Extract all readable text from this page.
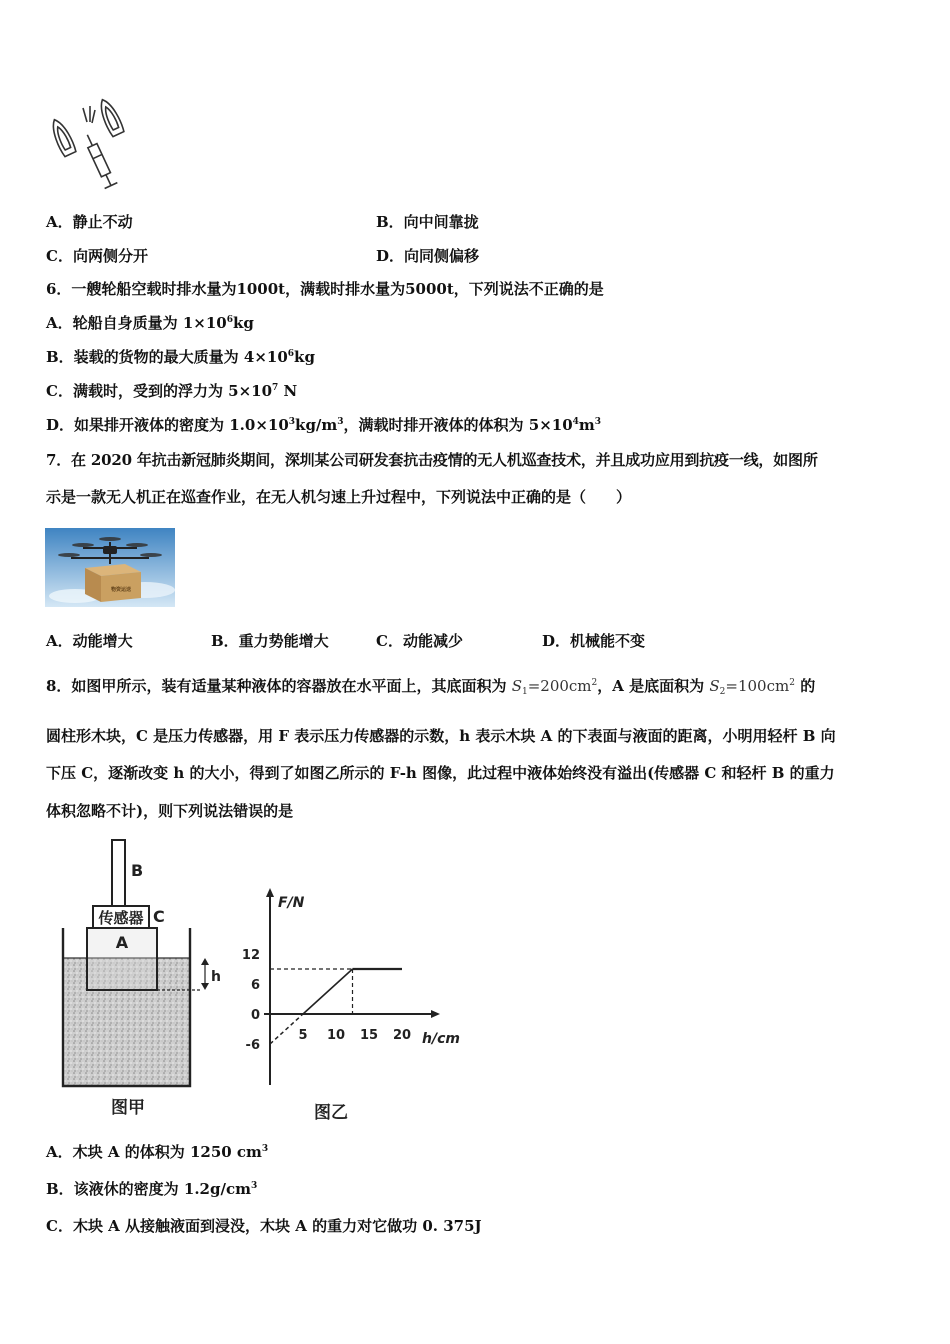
A．静止不动	B．向中间靠拢
C．向两侧分开	D．向同侧偏移
6．一艘轮船空载时排水量为1000t，满载时排水量为5000t，下列说法不正确的是
A．轮船自身质量为 $1\times 10^6kg$
B．装载的货物的最大质量为 $4\times 10^6kg$
C．满载时，受到的浮力为 $5\times 10^7$ N
D．如果排开液体的密度为 $1.0\times 10^3kg/m^3$，满载时排开液体的体积为 $5\times 10^4m^3$
7．在 2020 年抗击新冠肺炎期间，深圳某公司研发套抗击疫情的无人机巡查技术，并且成功应用到抗疫一线，如图所
示是一款无人机正在巡查作业，在无人机匀速上升过程中，下列说法中正确的是（　　）
物资运送
A．动能增大	B．重力势能增大	C．动能减少	D．机械能不变
8．如图甲所示，装有适量某种液体的容器放在水平面上，其底面积为 $S_1=200cm^2$，A 是底面积为 $S_2=100cm^2$ 的
圆柱形木块，C 是压力传感器，用 F 表示压力传感器的示数，h 表示木块 A 的下表面与液面的距离，小明用轻杆 B 向
下压 C，逐渐改变 h 的大小，得到了如图乙所示的 F-h 图像，此过程中液体始终没有溢出(传感器 C 和轻杆 B 的重力
体积忽略不计)，则下列说法错误的是
B
传感器 C
A
h
图甲
F/N
h/cm
12
6
0
-6
5 10 15 20
图乙
A．木块 A 的体积为 1250 $cm^3$
B．该液休的密度为 $1.2g/cm^3$
C．木块 A 从接触液面到浸没，木块 A 的重力对它做功 0. 375J
